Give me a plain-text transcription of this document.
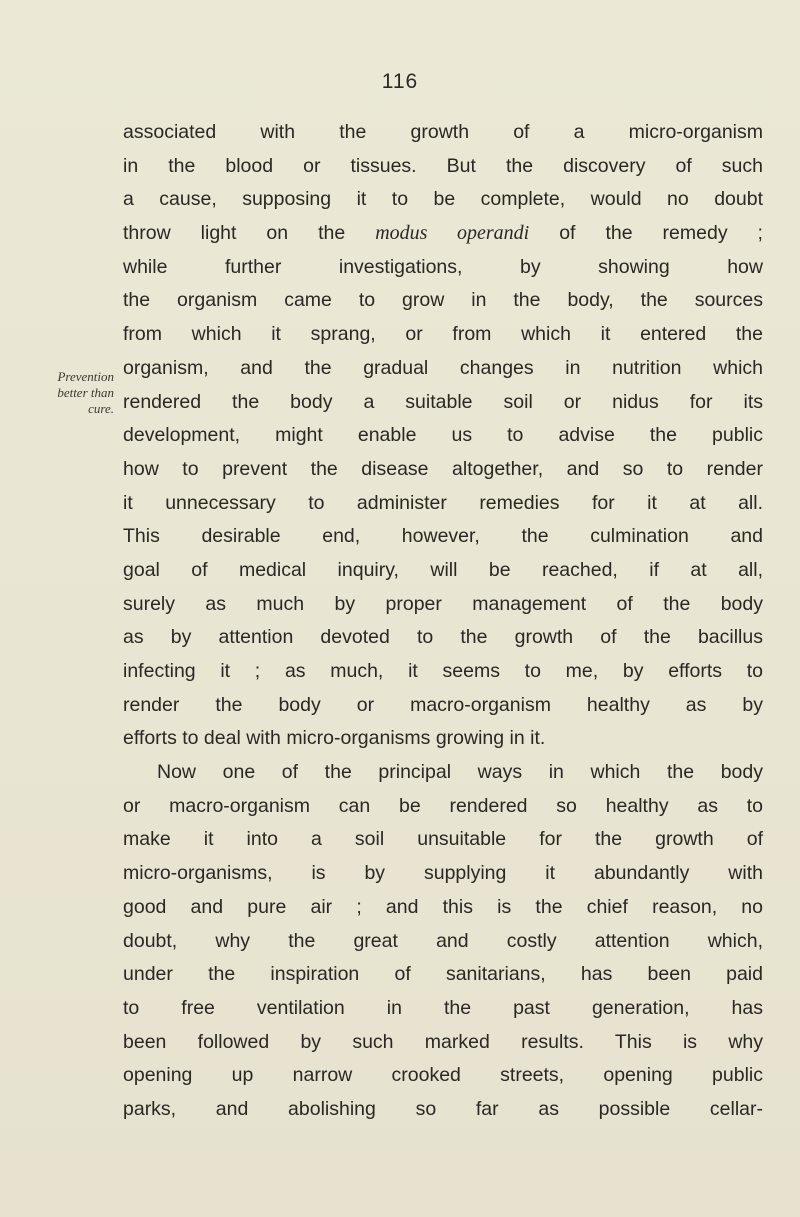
116
Prevention
better than
cure.
associated with the growth of a micro-organism
in the blood or tissues. But the discovery of such
a cause, supposing it to be complete, would no doubt
throw light on the modus operandi of the remedy ;
while further investigations, by showing how
the organism came to grow in the body, the sources
from which it sprang, or from which it entered the
organism, and the gradual changes in nutrition which
rendered the body a suitable soil or nidus for its
development, might enable us to advise the public
how to prevent the disease altogether, and so to render
it unnecessary to administer remedies for it at all.
This desirable end, however, the culmination and
goal of medical inquiry, will be reached, if at all,
surely as much by proper management of the body
as by attention devoted to the growth of the bacillus
infecting it ; as much, it seems to me, by efforts to
render the body or macro-organism healthy as by
efforts to deal with micro-organisms growing in it.
Now one of the principal ways in which the body
or macro-organism can be rendered so healthy as to
make it into a soil unsuitable for the growth of
micro-organisms, is by supplying it abundantly with
good and pure air ; and this is the chief reason, no
doubt, why the great and costly attention which,
under the inspiration of sanitarians, has been paid
to free ventilation in the past generation, has
been followed by such marked results. This is why
opening up narrow crooked streets, opening public
parks, and abolishing so far as possible cellar-
